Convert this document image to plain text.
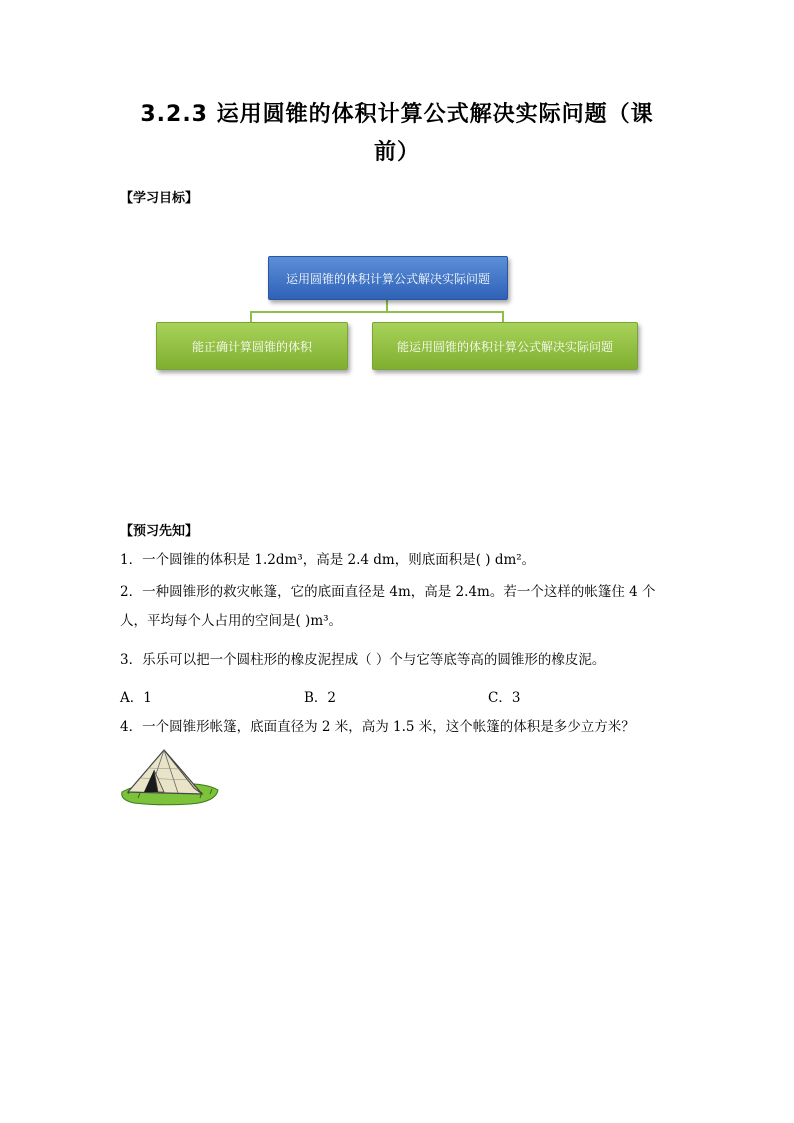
3.2.3 运用圆锥的体积计算公式解决实际问题（课
前）
【学习目标】
运用圆锥的体积计算公式解决实际问题
能正确计算圆锥的体积	能运用圆锥的体积计算公式解决实际问题
【预习先知】
1．一个圆锥的体积是 1.2dm³，高是 2.4 dm，则底面积是( ) dm²。
2．一种圆锥形的救灾帐篷，它的底面直径是 4m，高是 2.4m。若一个这样的帐篷住 4 个
人，平均每个人占用的空间是( )m³。
3．乐乐可以把一个圆柱形的橡皮泥捏成（ ）个与它等底等高的圆锥形的橡皮泥。
A．1	B．2	C．3
4．一个圆锥形帐篷，底面直径为 2 米，高为 1.5 米，这个帐篷的体积是多少立方米？
